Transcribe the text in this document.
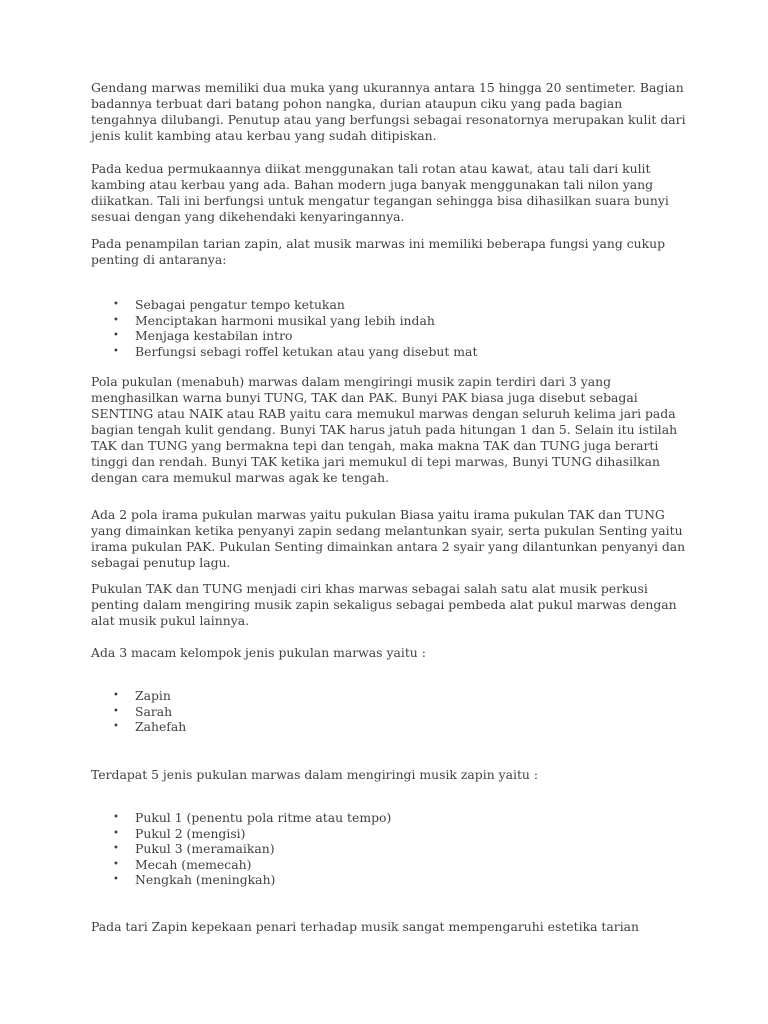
Gendang marwas memiliki dua muka yang ukurannya antara 15 hingga 20 sentimeter. Bagian badannya terbuat dari batang pohon nangka, durian ataupun ciku yang pada bagian tengahnya dilubangi. Penutup atau yang berfungsi sebagai resonatornya merupakan kulit dari jenis kulit kambing atau kerbau yang sudah ditipiskan.

Pada kedua permukaannya diikat menggunakan tali rotan atau kawat, atau tali dari kulit kambing atau kerbau yang ada. Bahan modern juga banyak menggunakan tali nilon yang diikatkan. Tali ini berfungsi untuk mengatur tegangan sehingga bisa dihasilkan suara bunyi sesuai dengan yang dikehendaki kenyaringannya.

Pada penampilan tarian zapin, alat musik marwas ini memiliki beberapa fungsi yang cukup penting di antaranya:

• Sebagai pengatur tempo ketukan
• Menciptakan harmoni musikal yang lebih indah
• Menjaga kestabilan intro
• Berfungsi sebagi roffel ketukan atau yang disebut mat

Pola pukulan (menabuh) marwas dalam mengiringi musik zapin terdiri dari 3 yang menghasilkan warna bunyi TUNG, TAK dan PAK. Bunyi PAK biasa juga disebut sebagai SENTING atau NAIK atau RAB yaitu cara memukul marwas dengan seluruh kelima jari pada bagian tengah kulit gendang. Bunyi TAK harus jatuh pada hitungan 1 dan 5. Selain itu istilah TAK dan TUNG yang bermakna tepi dan tengah, maka makna TAK dan TUNG juga berarti tinggi dan rendah. Bunyi TAK ketika jari memukul di tepi marwas, Bunyi TUNG dihasilkan dengan cara memukul marwas agak ke tengah.

Ada 2 pola irama pukulan marwas yaitu pukulan Biasa yaitu irama pukulan TAK dan TUNG yang dimainkan ketika penyanyi zapin sedang melantunkan syair, serta pukulan Senting yaitu irama pukulan PAK. Pukulan Senting dimainkan antara 2 syair yang dilantunkan penyanyi dan sebagai penutup lagu.

Pukulan TAK dan TUNG menjadi ciri khas marwas sebagai salah satu alat musik perkusi penting dalam mengiring musik zapin sekaligus sebagai pembeda alat pukul marwas dengan alat musik pukul lainnya.

Ada 3 macam kelompok jenis pukulan marwas yaitu :

• Zapin
• Sarah
• Zahefah

Terdapat 5 jenis pukulan marwas dalam mengiringi musik zapin yaitu :

• Pukul 1 (penentu pola ritme atau tempo)
• Pukul 2 (mengisi)
• Pukul 3 (meramaikan)
• Mecah (memecah)
• Nengkah (meningkah)

Pada tari Zapin kepekaan penari terhadap musik sangat mempengaruhi estetika tarian
